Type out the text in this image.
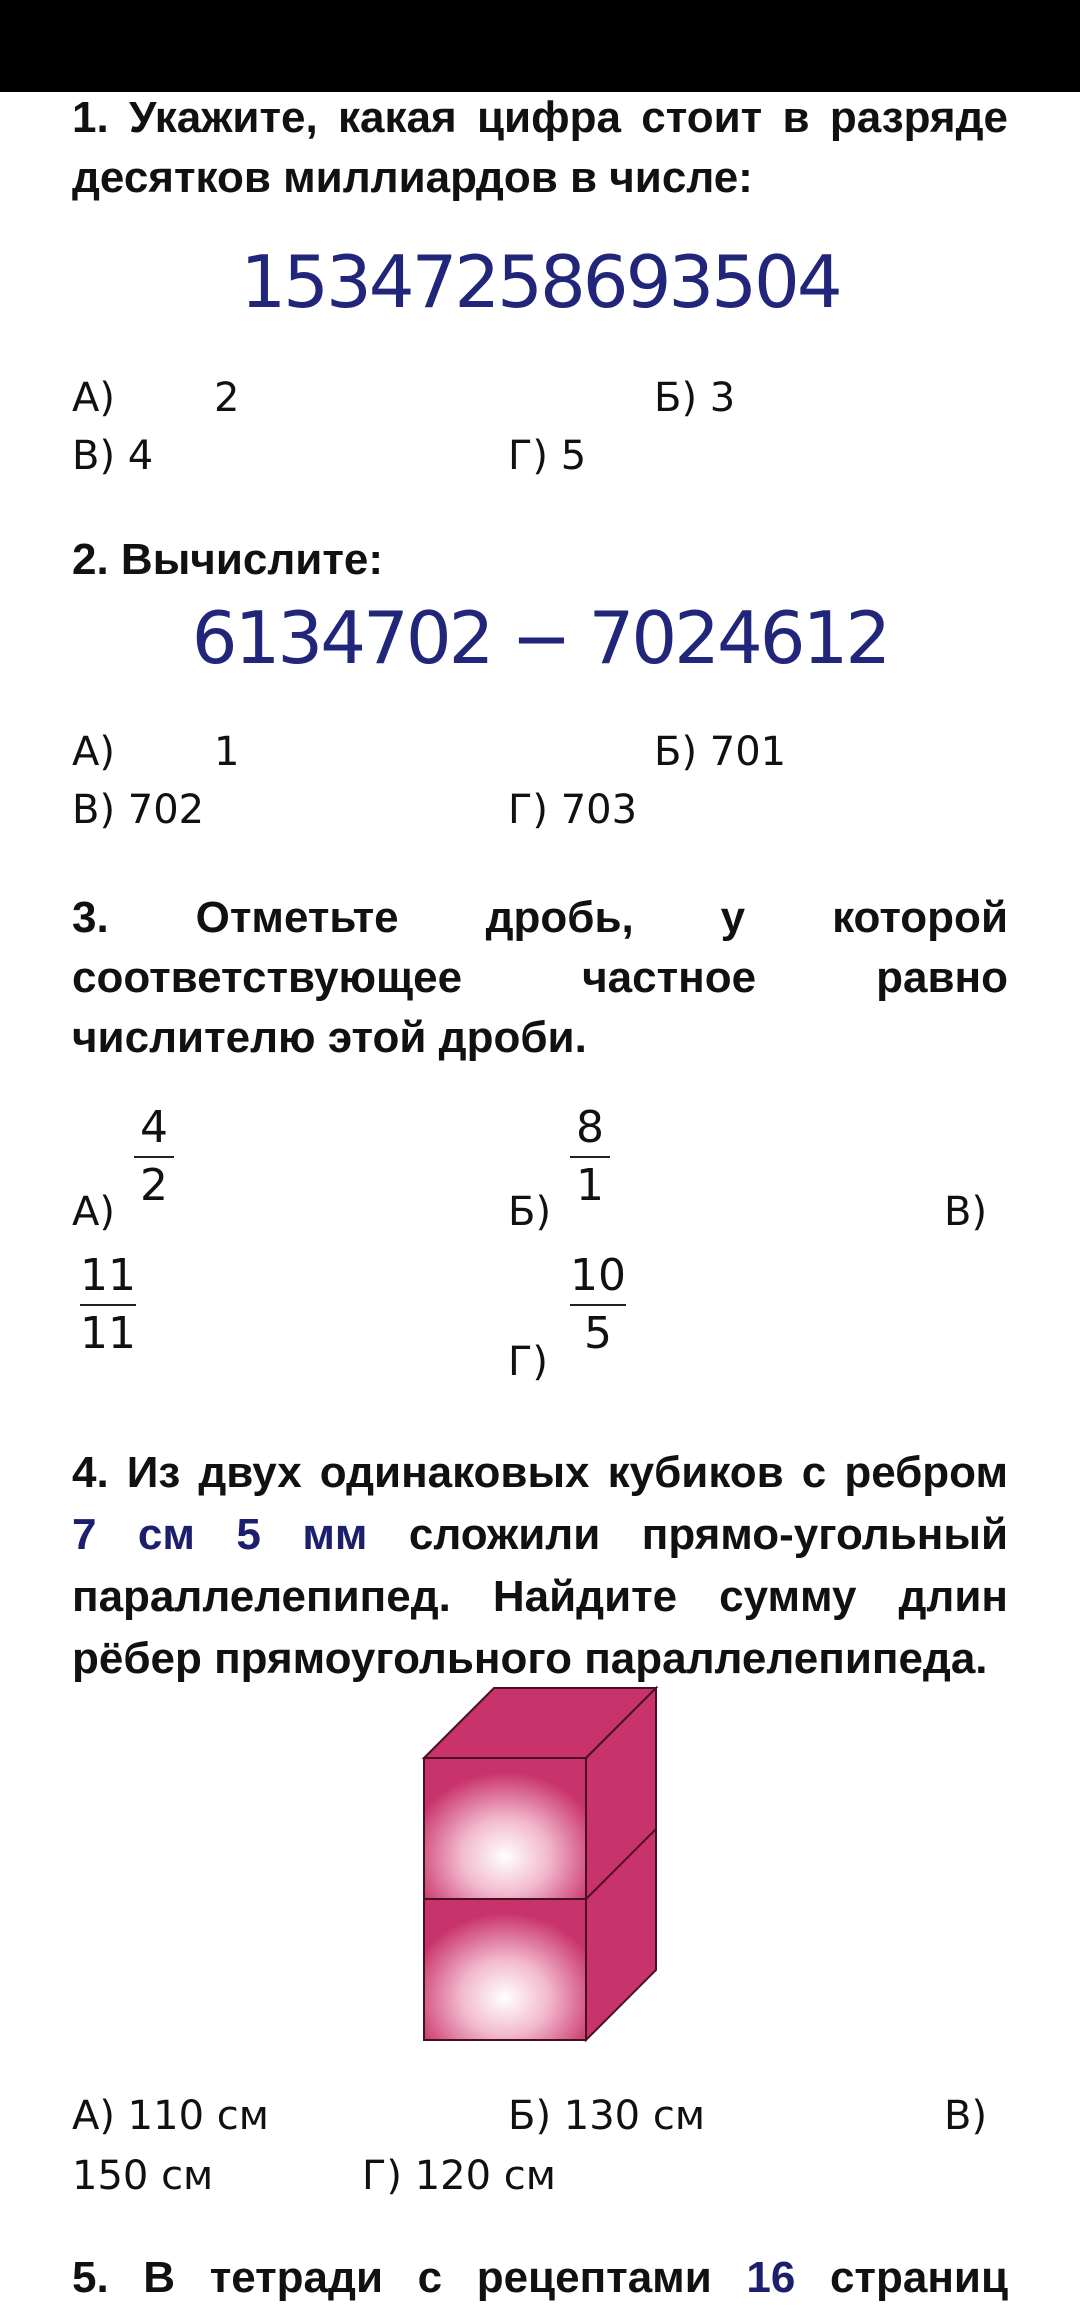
1. Укажите, какая цифра стоит в разряде десятков миллиардов в числе:
15347258693504
А) 2	Б) 3
В) 4	Г) 5
2. Вычислите:
6134702 − 7024612
А) 1	Б) 701
В) 702	Г) 703
3. Отметьте дробь, у которой
соответствующее частное равно числителю этой дроби.
А)
4
2
Б)
8
1
В)
11
11
Г)
10
5
4. Из двух одинаковых кубиков с ребром 7 см 5 мм сложили прямо-угольный параллелепипед. Найдите сумму длин рёбер прямоугольного параллелепипеда.
А) 110 см	Б) 130 см	В)
150 см	Г) 120 см
5. В тетради с рецептами 16 страниц
